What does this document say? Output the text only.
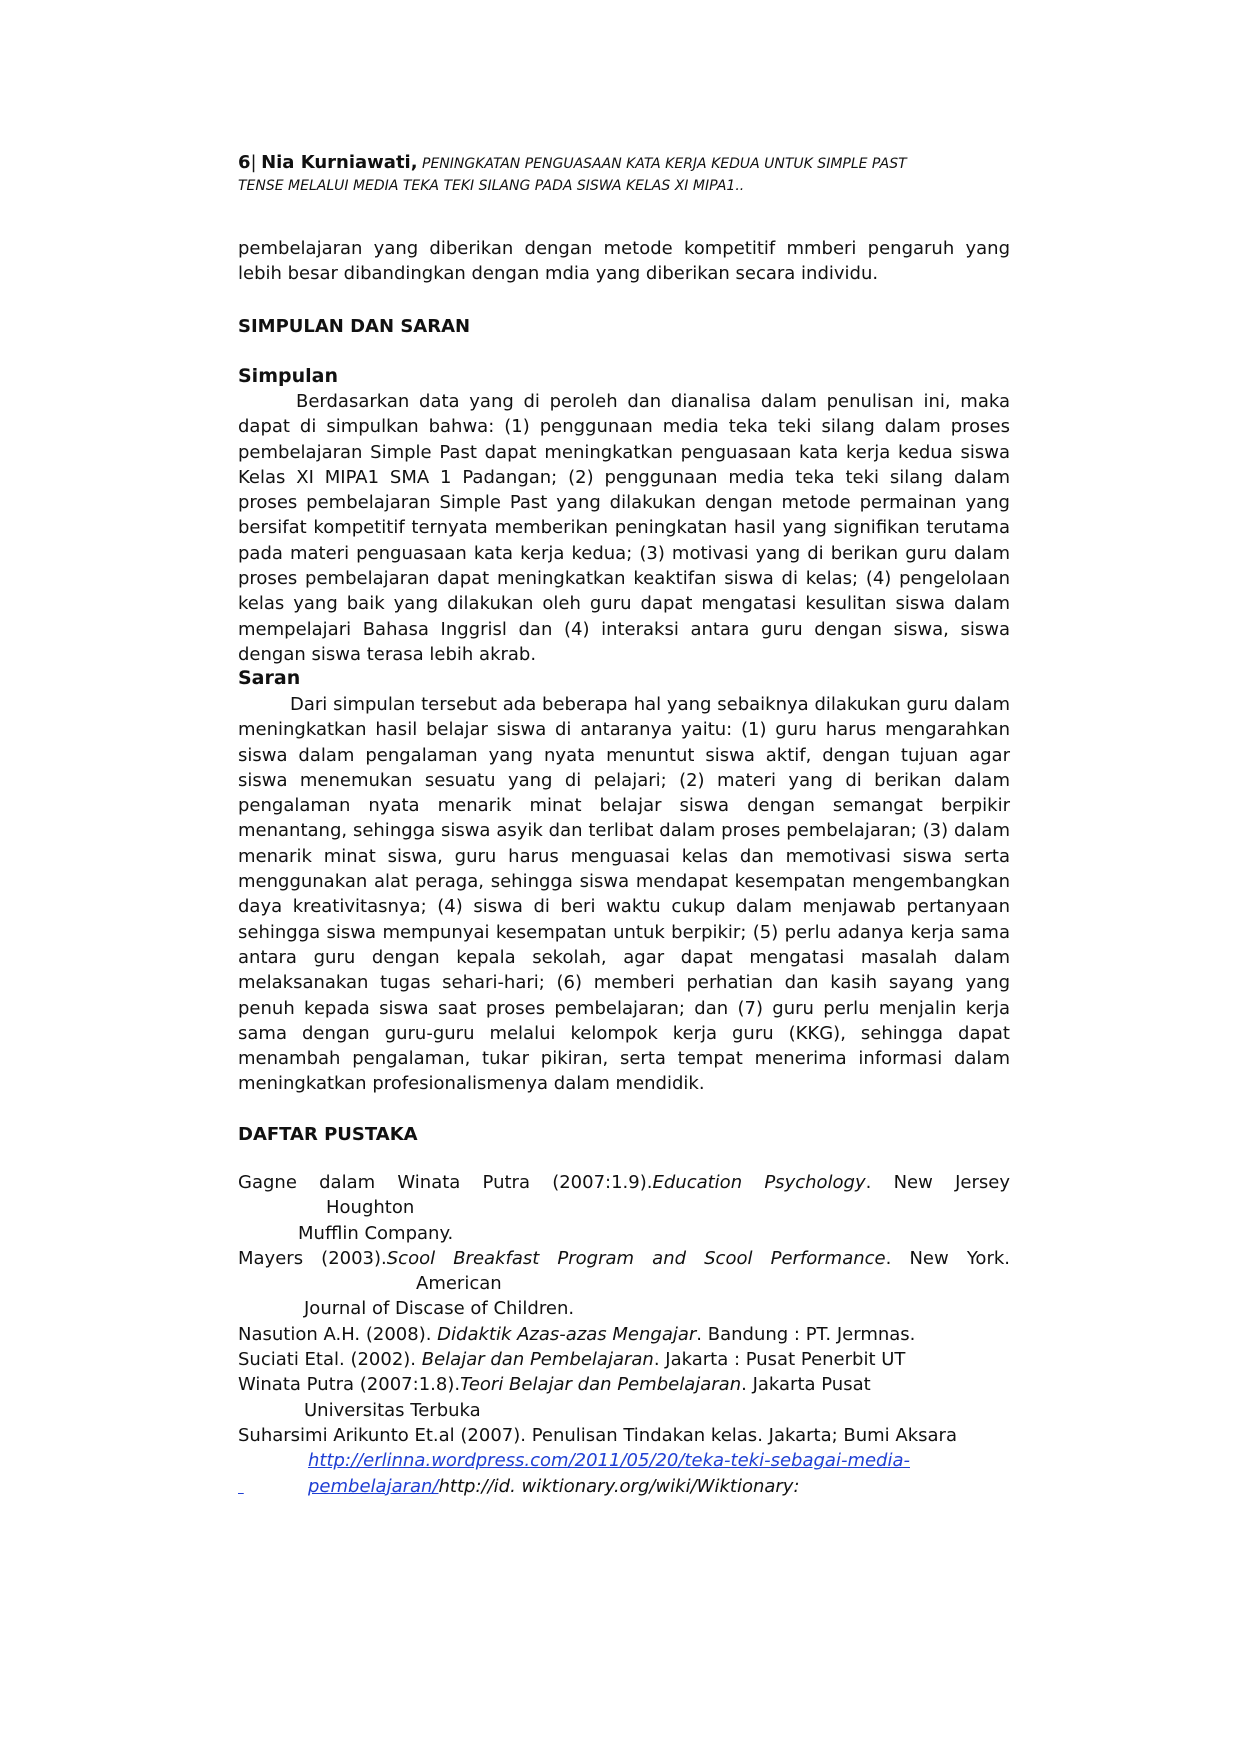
6| Nia Kurniawati, PENINGKATAN PENGUASAAN KATA KERJA KEDUA UNTUK SIMPLE PAST
TENSE MELALUI MEDIA TEKA TEKI SILANG PADA SISWA KELAS XI MIPA1..

pembelajaran yang diberikan dengan metode kompetitif mmberi pengaruh yang lebih besar dibandingkan dengan mdia yang diberikan secara individu.

SIMPULAN DAN SARAN
Simpulan

Berdasarkan data yang di peroleh dan dianalisa dalam penulisan ini, maka dapat di simpulkan bahwa: (1) penggunaan media teka teki silang dalam proses pembelajaran Simple Past dapat meningkatkan penguasaan kata kerja kedua siswa Kelas XI MIPA1 SMA 1 Padangan; (2) penggunaan media teka teki silang dalam proses pembelajaran Simple Past yang dilakukan dengan metode permainan yang bersifat kompetitif ternyata memberikan peningkatan hasil yang signifikan terutama pada materi penguasaan kata kerja kedua; (3) motivasi yang di berikan guru dalam proses pembelajaran dapat meningkatkan keaktifan siswa di kelas; (4) pengelolaan kelas yang baik yang dilakukan oleh guru dapat mengatasi kesulitan siswa dalam mempelajari Bahasa Inggrisl dan (4) interaksi antara guru dengan siswa, siswa dengan siswa terasa lebih akrab.

Saran

Dari simpulan tersebut ada beberapa hal yang sebaiknya dilakukan guru dalam meningkatkan hasil belajar siswa di antaranya yaitu: (1) guru harus mengarahkan siswa dalam pengalaman yang nyata menuntut siswa aktif, dengan tujuan agar siswa menemukan sesuatu yang di pelajari; (2) materi yang di berikan dalam pengalaman nyata menarik minat belajar siswa dengan semangat berpikir menantang, sehingga siswa asyik dan terlibat dalam proses pembelajaran; (3) dalam menarik minat siswa, guru harus menguasai kelas dan memotivasi siswa serta menggunakan alat peraga, sehingga siswa mendapat kesempatan mengembangkan daya kreativitasnya; (4) siswa di beri waktu cukup dalam menjawab pertanyaan sehingga siswa mempunyai kesempatan untuk berpikir; (5) perlu adanya kerja sama antara guru dengan kepala sekolah, agar dapat mengatasi masalah dalam melaksanakan tugas sehari-hari; (6) memberi perhatian dan kasih sayang yang penuh kepada siswa saat proses pembelajaran; dan (7) guru perlu menjalin kerja sama dengan guru-guru melalui kelompok kerja guru (KKG), sehingga dapat menambah pengalaman, tukar pikiran, serta tempat menerima informasi dalam meningkatkan profesionalismenya dalam mendidik.

DAFTAR PUSTAKA

Gagne dalam Winata Putra (2007:1.9).Education Psychology. New Jersey

Houghton

Mufflin Company.

Mayers (2003).Scool Breakfast Program and Scool Performance. New York.

American

Journal of Discase of Children.

Nasution A.H. (2008). Didaktik Azas-azas Mengajar. Bandung : PT. Jermnas.

Suciati Etal. (2002). Belajar dan Pembelajaran. Jakarta : Pusat Penerbit UT

Winata Putra (2007:1.8).Teori Belajar dan Pembelajaran. Jakarta Pusat

Universitas Terbuka

Suharsimi Arikunto Et.al (2007). Penulisan Tindakan kelas. Jakarta; Bumi Aksara

http://erlinna.wordpress.com/2011/05/20/teka-teki-sebagai-media-

pembelajaran/http://id. wiktionary.org/wiki/Wiktionary:
